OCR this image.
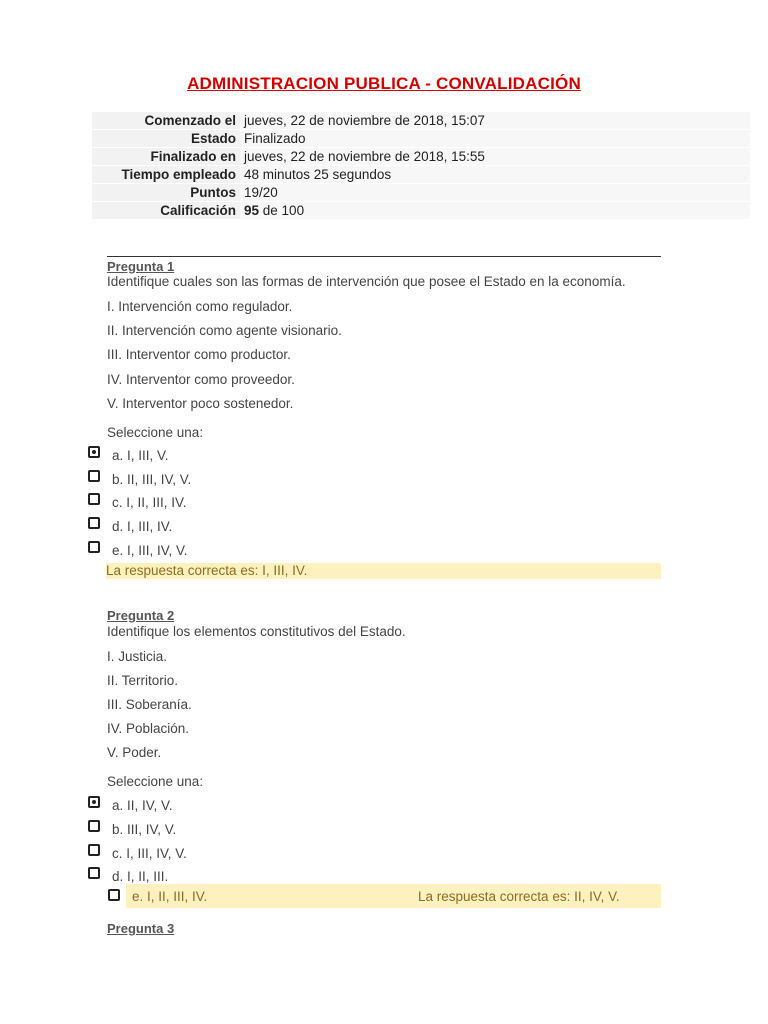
ADMINISTRACION PUBLICA - CONVALIDACIÓN
Comenzado el	jueves, 22 de noviembre de 2018, 15:07
Estado	Finalizado
Finalizado en	jueves, 22 de noviembre de 2018, 15:55
Tiempo empleado	48 minutos 25 segundos
Puntos	19/20
Calificación	95 de 100
Pregunta 1
Identifique cuales son las formas de intervención que posee el Estado en la economía.
I. Intervención como regulador.
II. Intervención como agente visionario.
III. Interventor como productor.
IV. Interventor como proveedor.
V. Interventor poco sostenedor.
Seleccione una:
a. I, III, V.
b. II, III, IV, V.
c. I, II, III, IV.
d. I, III, IV.
e. I, III, IV, V.
La respuesta correcta es: I, III, IV.
Pregunta 2
Identifique los elementos constitutivos del Estado.
I. Justicia.
II. Territorio.
III. Soberanía.
IV. Población.
V. Poder.
Seleccione una:
a. II, IV, V.
b. III, IV, V.
c. I, III, IV, V.
d. I, II, III.
e. I, II, III, IV.	La respuesta correcta es: II, IV, V.
Pregunta 3
